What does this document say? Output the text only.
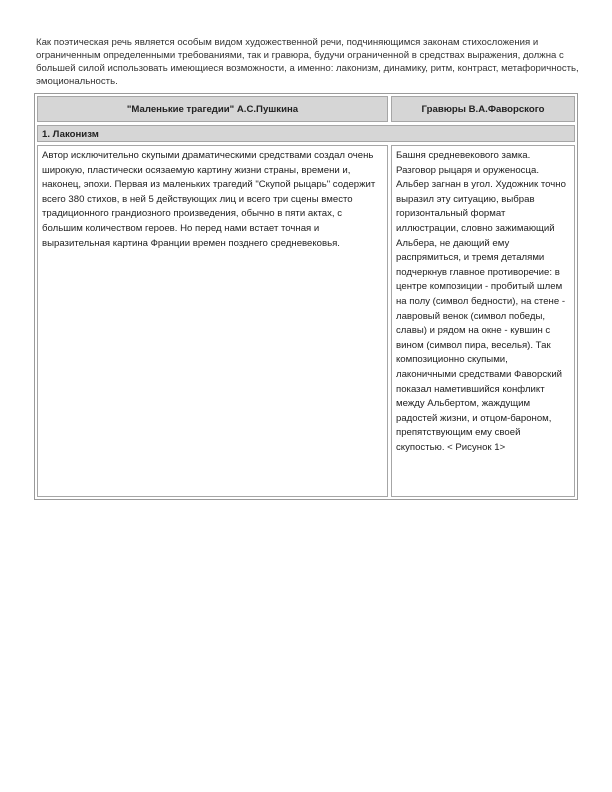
Как поэтическая речь является особым видом художественной речи, подчиняющимся законам стихосложения и ограниченным определенными требованиями, так и гравюра, будучи ограниченной в средствах выражения, должна с большей силой использовать имеющиеся возможности, а именно: лаконизм, динамику, ритм, контраст, метафоричность, эмоциональность.
"Маленькие трагедии" А.С.Пушкина	Гравюры В.А.Фаворского
1. Лаконизм
Автор исключительно скупыми драматическими средствами создал очень широкую, пластически осязаемую картину жизни страны, времени и, наконец, эпохи. Первая из маленьких трагедий "Скупой рыцарь" содержит всего 380 стихов, в ней 5 действующих лиц и всего три сцены вместо традиционного грандиозного произведения, обычно в пяти актах, с большим количеством героев. Но перед нами встает точная и выразительная картина Франции времен позднего средневековья.
Башня средневекового замка. Разговор рыцаря и оруженосца. Альбер загнан в угол. Художник точно выразил эту ситуацию, выбрав горизонтальный формат иллюстрации, словно зажимающий Альбера, не дающий ему распрямиться, и тремя деталями подчеркнув главное противоречие: в центре композиции - пробитый шлем на полу (символ бедности), на стене - лавровый венок (символ победы, славы) и рядом на окне - кувшин с вином (символ пира, веселья). Так композиционно скупыми, лаконичными средствами Фаворский показал наметившийся конфликт между Альбертом, жаждущим радостей жизни, и отцом-бароном, препятствующим ему своей скупостью. < Рисунок 1>
